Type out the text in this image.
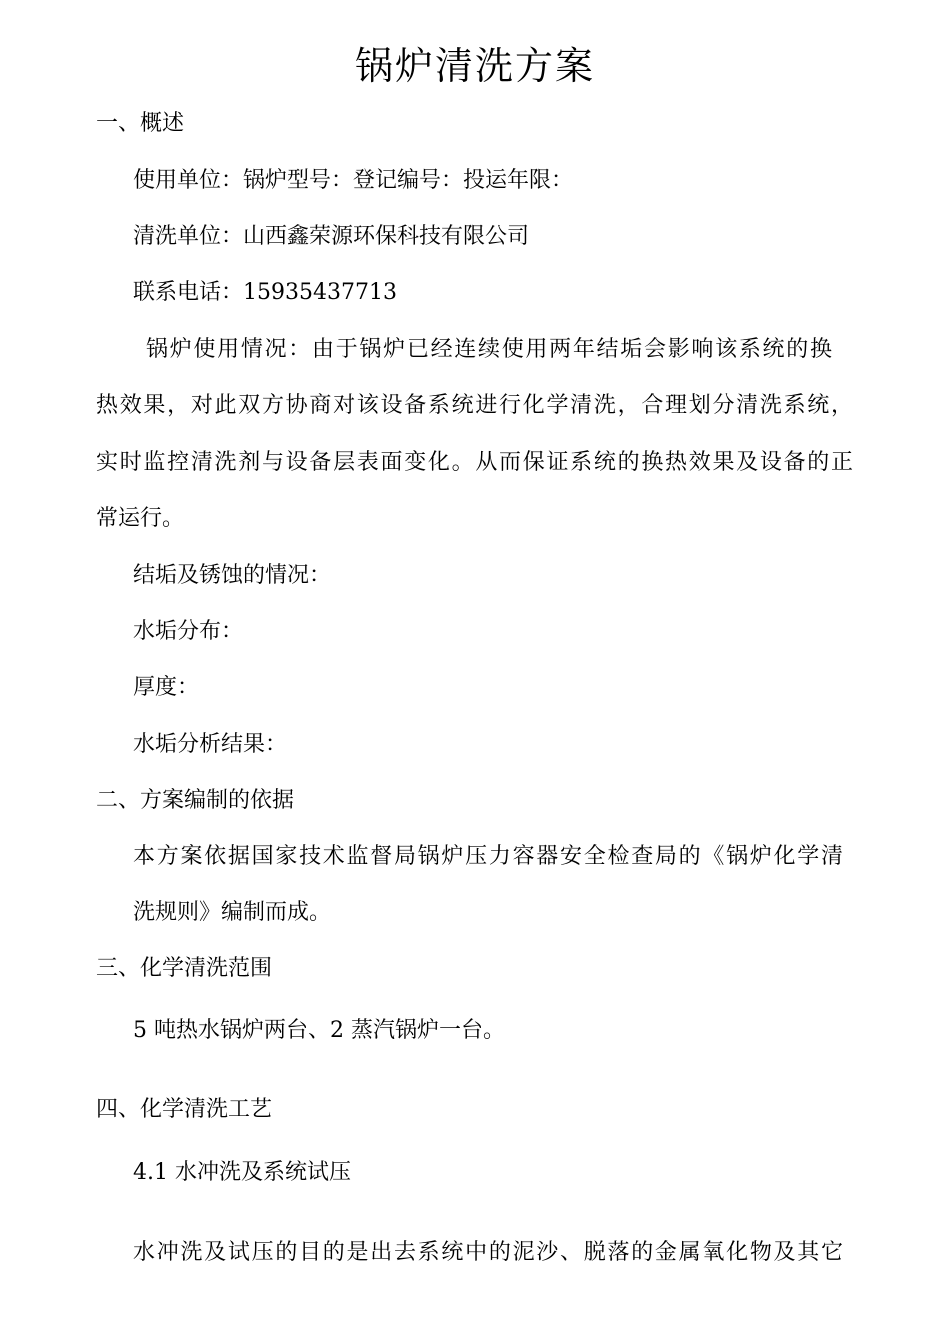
锅炉清洗方案
一、概述
使用单位：锅炉型号：登记编号：投运年限：
清洗单位：山西鑫荣源环保科技有限公司
联系电话：15935437713
锅炉使用情况：由于锅炉已经连续使用两年结垢会影响该系统的换
热效果，对此双方协商对该设备系统进行化学清洗，合理划分清洗系统，
实时监控清洗剂与设备层表面变化。从而保证系统的换热效果及设备的正
常运行。
结垢及锈蚀的情况：
水垢分布：
厚度：
水垢分析结果：
二、方案编制的依据
本方案依据国家技术监督局锅炉压力容器安全检查局的《锅炉化学清
洗规则》编制而成。
三、化学清洗范围
5 吨热水锅炉两台、2 蒸汽锅炉一台。
四、化学清洗工艺
4.1 水冲洗及系统试压
水冲洗及试压的目的是出去系统中的泥沙、脱落的金属氧化物及其它
